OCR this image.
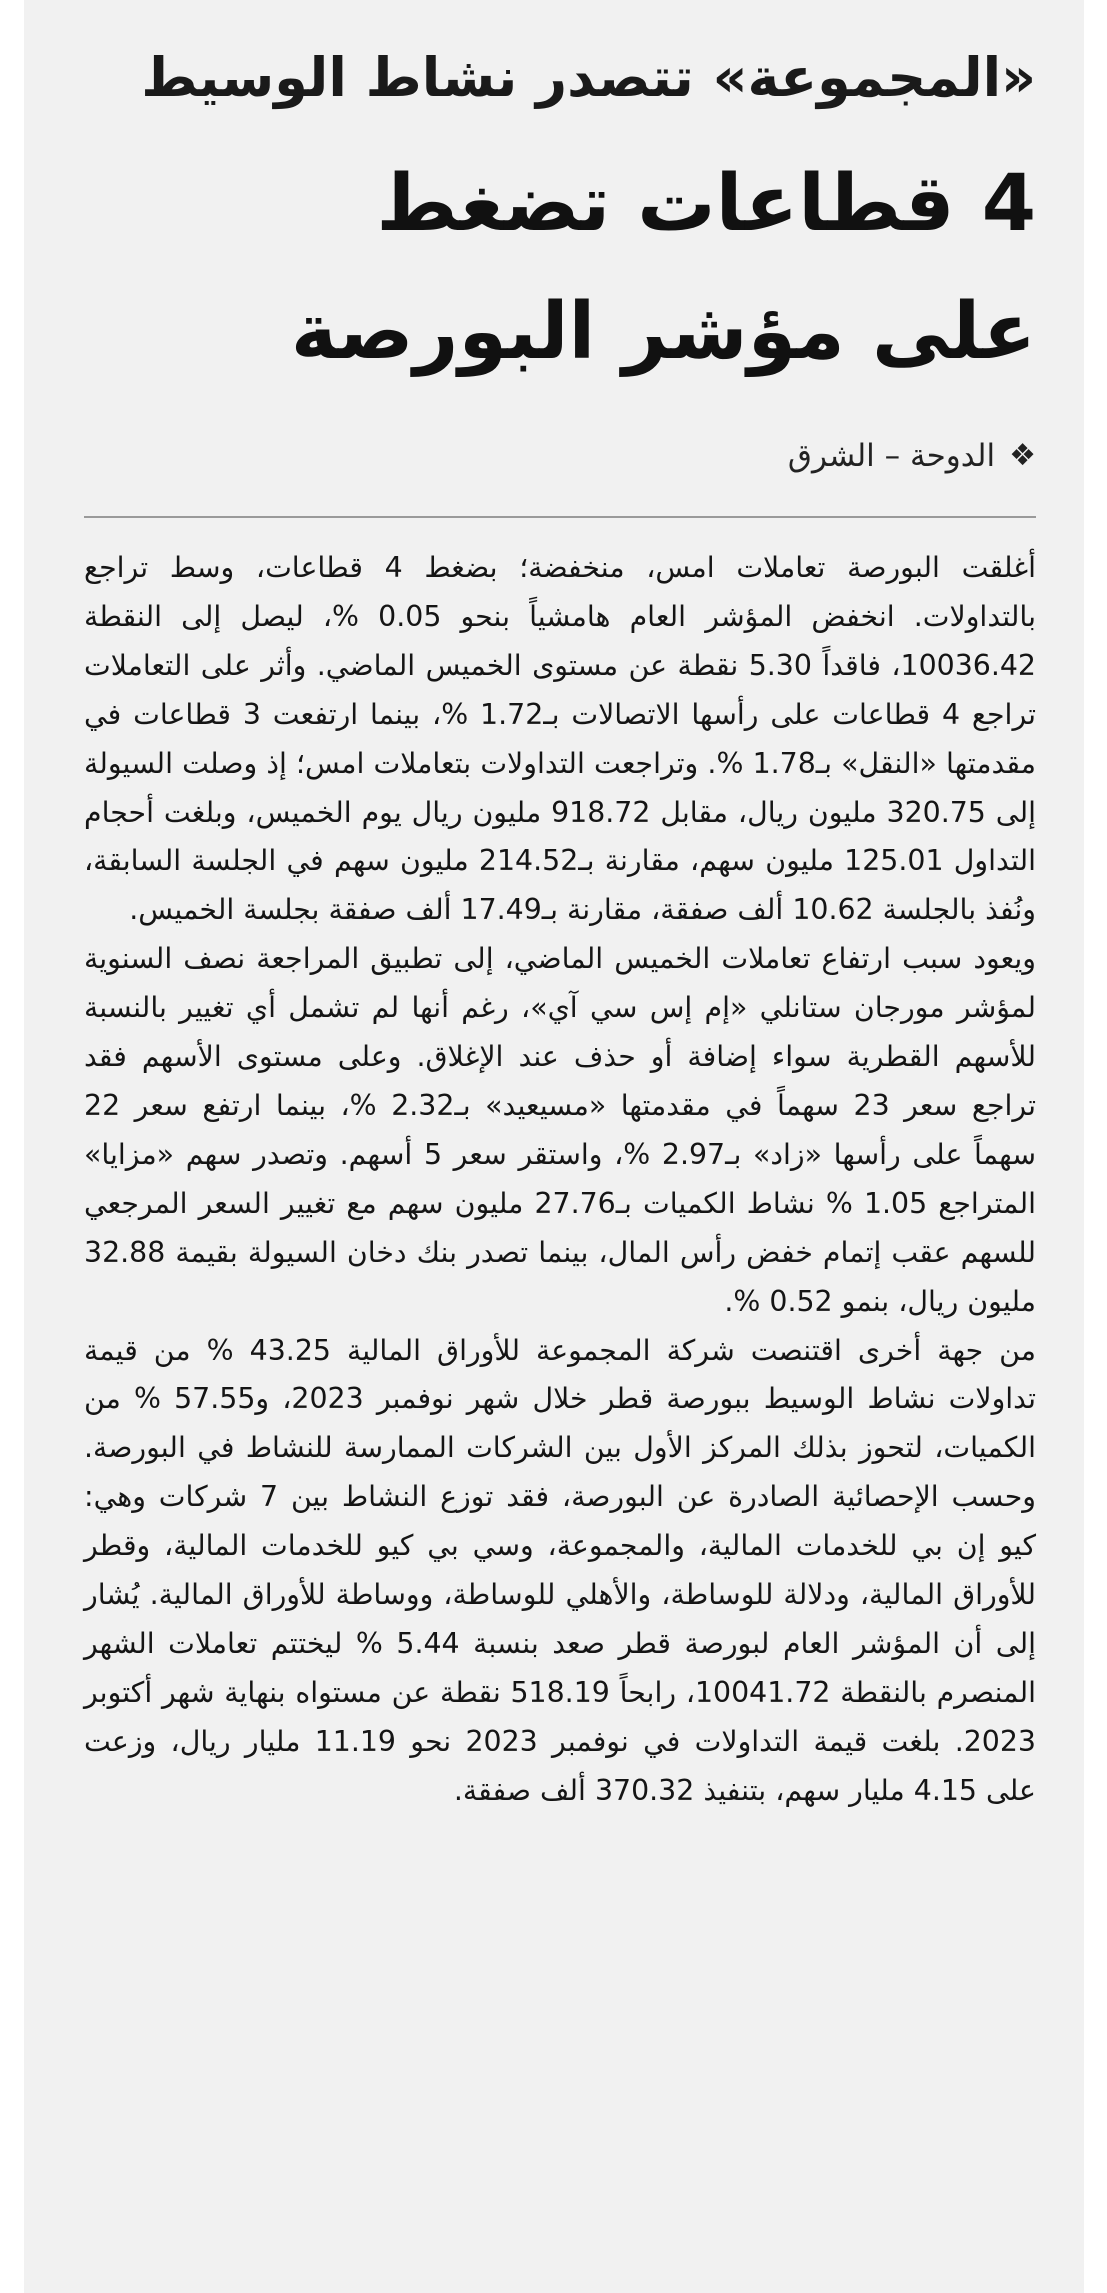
«المجموعة» تتصدر نشاط الوسيط
4 قطاعات تضغط
على مؤشر البورصة
❖
الدوحة – الشرق

أغلقت البورصة تعاملات امس، منخفضة؛ بضغط 4 قطاعات، وسط تراجع بالتداولات. انخفض المؤشر العام هامشياً بنحو 0.05 %، ليصل إلى النقطة 10036.42، فاقداً 5.30 نقطة عن مستوى الخميس الماضي. وأثر على التعاملات تراجع 4 قطاعات على رأسها الاتصالات بـ1.72 %، بينما ارتفعت 3 قطاعات في مقدمتها «النقل» بـ1.78 %. وتراجعت التداولات بتعاملات امس؛ إذ وصلت السيولة إلى 320.75 مليون ريال، مقابل 918.72 مليون ريال يوم الخميس، وبلغت أحجام التداول 125.01 مليون سهم، مقارنة بـ214.52 مليون سهم في الجلسة السابقة، ونُفذ بالجلسة 10.62 ألف صفقة، مقارنة بـ17.49 ألف صفقة بجلسة الخميس.

ويعود سبب ارتفاع تعاملات الخميس الماضي، إلى تطبيق المراجعة نصف السنوية لمؤشر مورجان ستانلي «إم إس سي آي»، رغم أنها لم تشمل أي تغيير بالنسبة للأسهم القطرية سواء إضافة أو حذف عند الإغلاق. وعلى مستوى الأسهم فقد تراجع سعر 23 سهماً في مقدمتها «مسيعيد» بـ2.32 %، بينما ارتفع سعر 22 سهماً على رأسها «زاد» بـ2.97 %، واستقر سعر 5 أسهم. وتصدر سهم «مزايا» المتراجع 1.05 % نشاط الكميات بـ27.76 مليون سهم مع تغيير السعر المرجعي للسهم عقب إتمام خفض رأس المال، بينما تصدر بنك دخان السيولة بقيمة 32.88 مليون ريال، بنمو 0.52 %.

من جهة أخرى اقتنصت شركة المجموعة للأوراق المالية 43.25 % من قيمة تداولات نشاط الوسيط ببورصة قطر خلال شهر نوفمبر 2023، و57.55 % من الكميات، لتحوز بذلك المركز الأول بين الشركات الممارسة للنشاط في البورصة. وحسب الإحصائية الصادرة عن البورصة، فقد توزع النشاط بين 7 شركات وهي: كيو إن بي للخدمات المالية، والمجموعة، وسي بي كيو للخدمات المالية، وقطر للأوراق المالية، ودلالة للوساطة، والأهلي للوساطة، ووساطة للأوراق المالية. يُشار إلى أن المؤشر العام لبورصة قطر صعد بنسبة 5.44 % ليختتم تعاملات الشهر المنصرم بالنقطة 10041.72، رابحاً 518.19 نقطة عن مستواه بنهاية شهر أكتوبر 2023. بلغت قيمة التداولات في نوفمبر 2023 نحو 11.19 مليار ريال، وزعت على 4.15 مليار سهم، بتنفيذ 370.32 ألف صفقة.
